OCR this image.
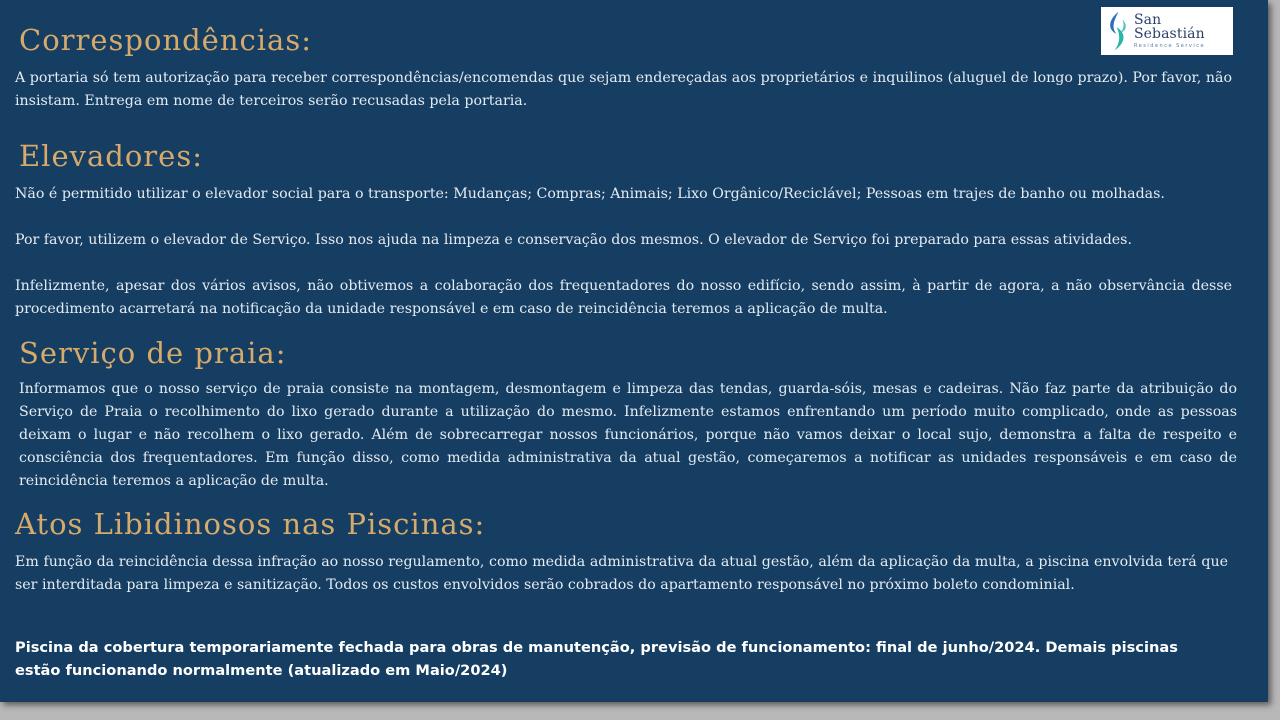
San Sebastián
Residence Service
Correspondências:

A portaria só tem autorização para receber correspondências/encomendas que sejam endereçadas aos proprietários e inquilinos (aluguel de longo prazo). Por favor, não insistam. Entrega em nome de terceiros serão recusadas pela portaria.

Elevadores:

Não é permitido utilizar o elevador social para o transporte: Mudanças; Compras; Animais; Lixo Orgânico/Reciclável; Pessoas em trajes de banho ou molhadas.

Por favor, utilizem o elevador de Serviço. Isso nos ajuda na limpeza e conservação dos mesmos. O elevador de Serviço foi preparado para essas atividades.

Infelizmente, apesar dos vários avisos, não obtivemos a colaboração dos frequentadores do nosso edifício, sendo assim, à partir de agora, a não observância desse procedimento acarretará na notificação da unidade responsável e em caso de reincidência teremos a aplicação de multa.

Serviço de praia:

Informamos que o nosso serviço de praia consiste na montagem, desmontagem e limpeza das tendas, guarda-sóis, mesas e cadeiras. Não faz parte da atribuição do Serviço de Praia o recolhimento do lixo gerado durante a utilização do mesmo. Infelizmente estamos enfrentando um período muito complicado, onde as pessoas deixam o lugar e não recolhem o lixo gerado. Além de sobrecarregar nossos funcionários, porque não vamos deixar o local sujo, demonstra a falta de respeito e consciência dos frequentadores. Em função disso, como medida administrativa da atual gestão, começaremos a notificar as unidades responsáveis e em caso de reincidência teremos a aplicação de multa.

Atos Libidinosos nas Piscinas:

Em função da reincidência dessa infração ao nosso regulamento, como medida administrativa da atual gestão, além da aplicação da multa, a piscina envolvida terá que ser interditada para limpeza e sanitização. Todos os custos envolvidos serão cobrados do apartamento responsável no próximo boleto condominial.

Piscina da cobertura temporariamente fechada para obras de manutenção, previsão de funcionamento: final de junho/2024. Demais piscinas estão funcionando normalmente (atualizado em Maio/2024)
